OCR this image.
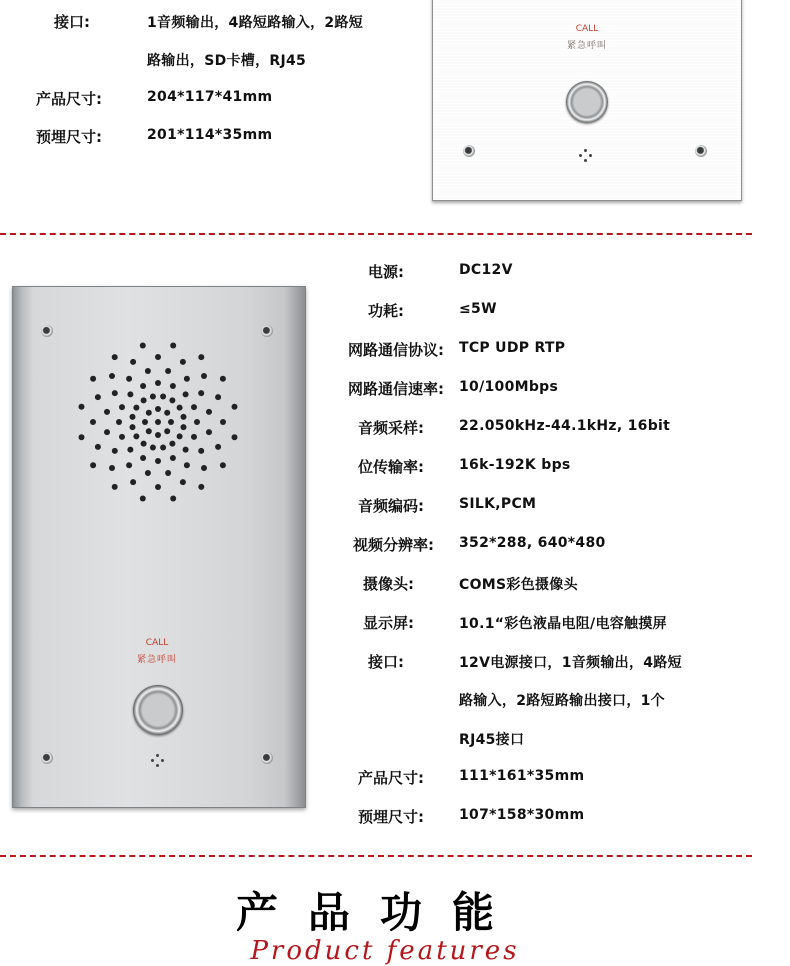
接口:	1音频输出，4路短路输入，2路短
路输出，SD卡槽，RJ45
产品尺寸:	204*117*41mm
预埋尺寸:	201*114*35mm
CALL
紧急呼叫
CALL
紧急呼叫
电源:	DC12V
功耗:	≤5W
网路通信协议: TCP UDP RTP
网路通信速率: 10/100Mbps
音频采样:	22.050kHz-44.1kHz, 16bit
位传输率:	16k-192K bps
音频编码:	SILK,PCM
视频分辨率: 352*288, 640*480
摄像头:	COMS彩色摄像头
显示屏:	10.1“彩色液晶电阻/电容触摸屏
接口:	12V电源接口，1音频输出，4路短
路输入，2路短路输出接口，1个
RJ45接口
产品尺寸:	111*161*35mm
预埋尺寸:	107*158*30mm
产品功能
Product features
